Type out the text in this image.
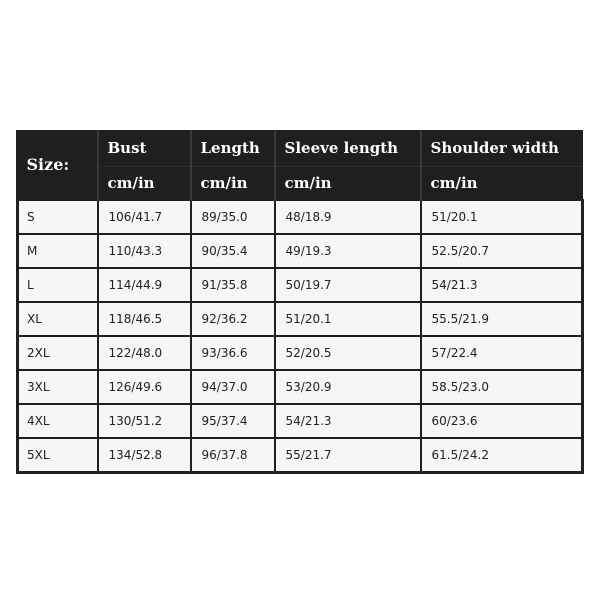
Size:	Bust	Length	Sleeve length	Shoulder width
	cm/in	cm/in	cm/in	cm/in
S	106/41.7	89/35.0	48/18.9	51/20.1
M	110/43.3	90/35.4	49/19.3	52.5/20.7
L	114/44.9	91/35.8	50/19.7	54/21.3
XL	118/46.5	92/36.2	51/20.1	55.5/21.9
2XL	122/48.0	93/36.6	52/20.5	57/22.4
3XL	126/49.6	94/37.0	53/20.9	58.5/23.0
4XL	130/51.2	95/37.4	54/21.3	60/23.6
5XL	134/52.8	96/37.8	55/21.7	61.5/24.2
